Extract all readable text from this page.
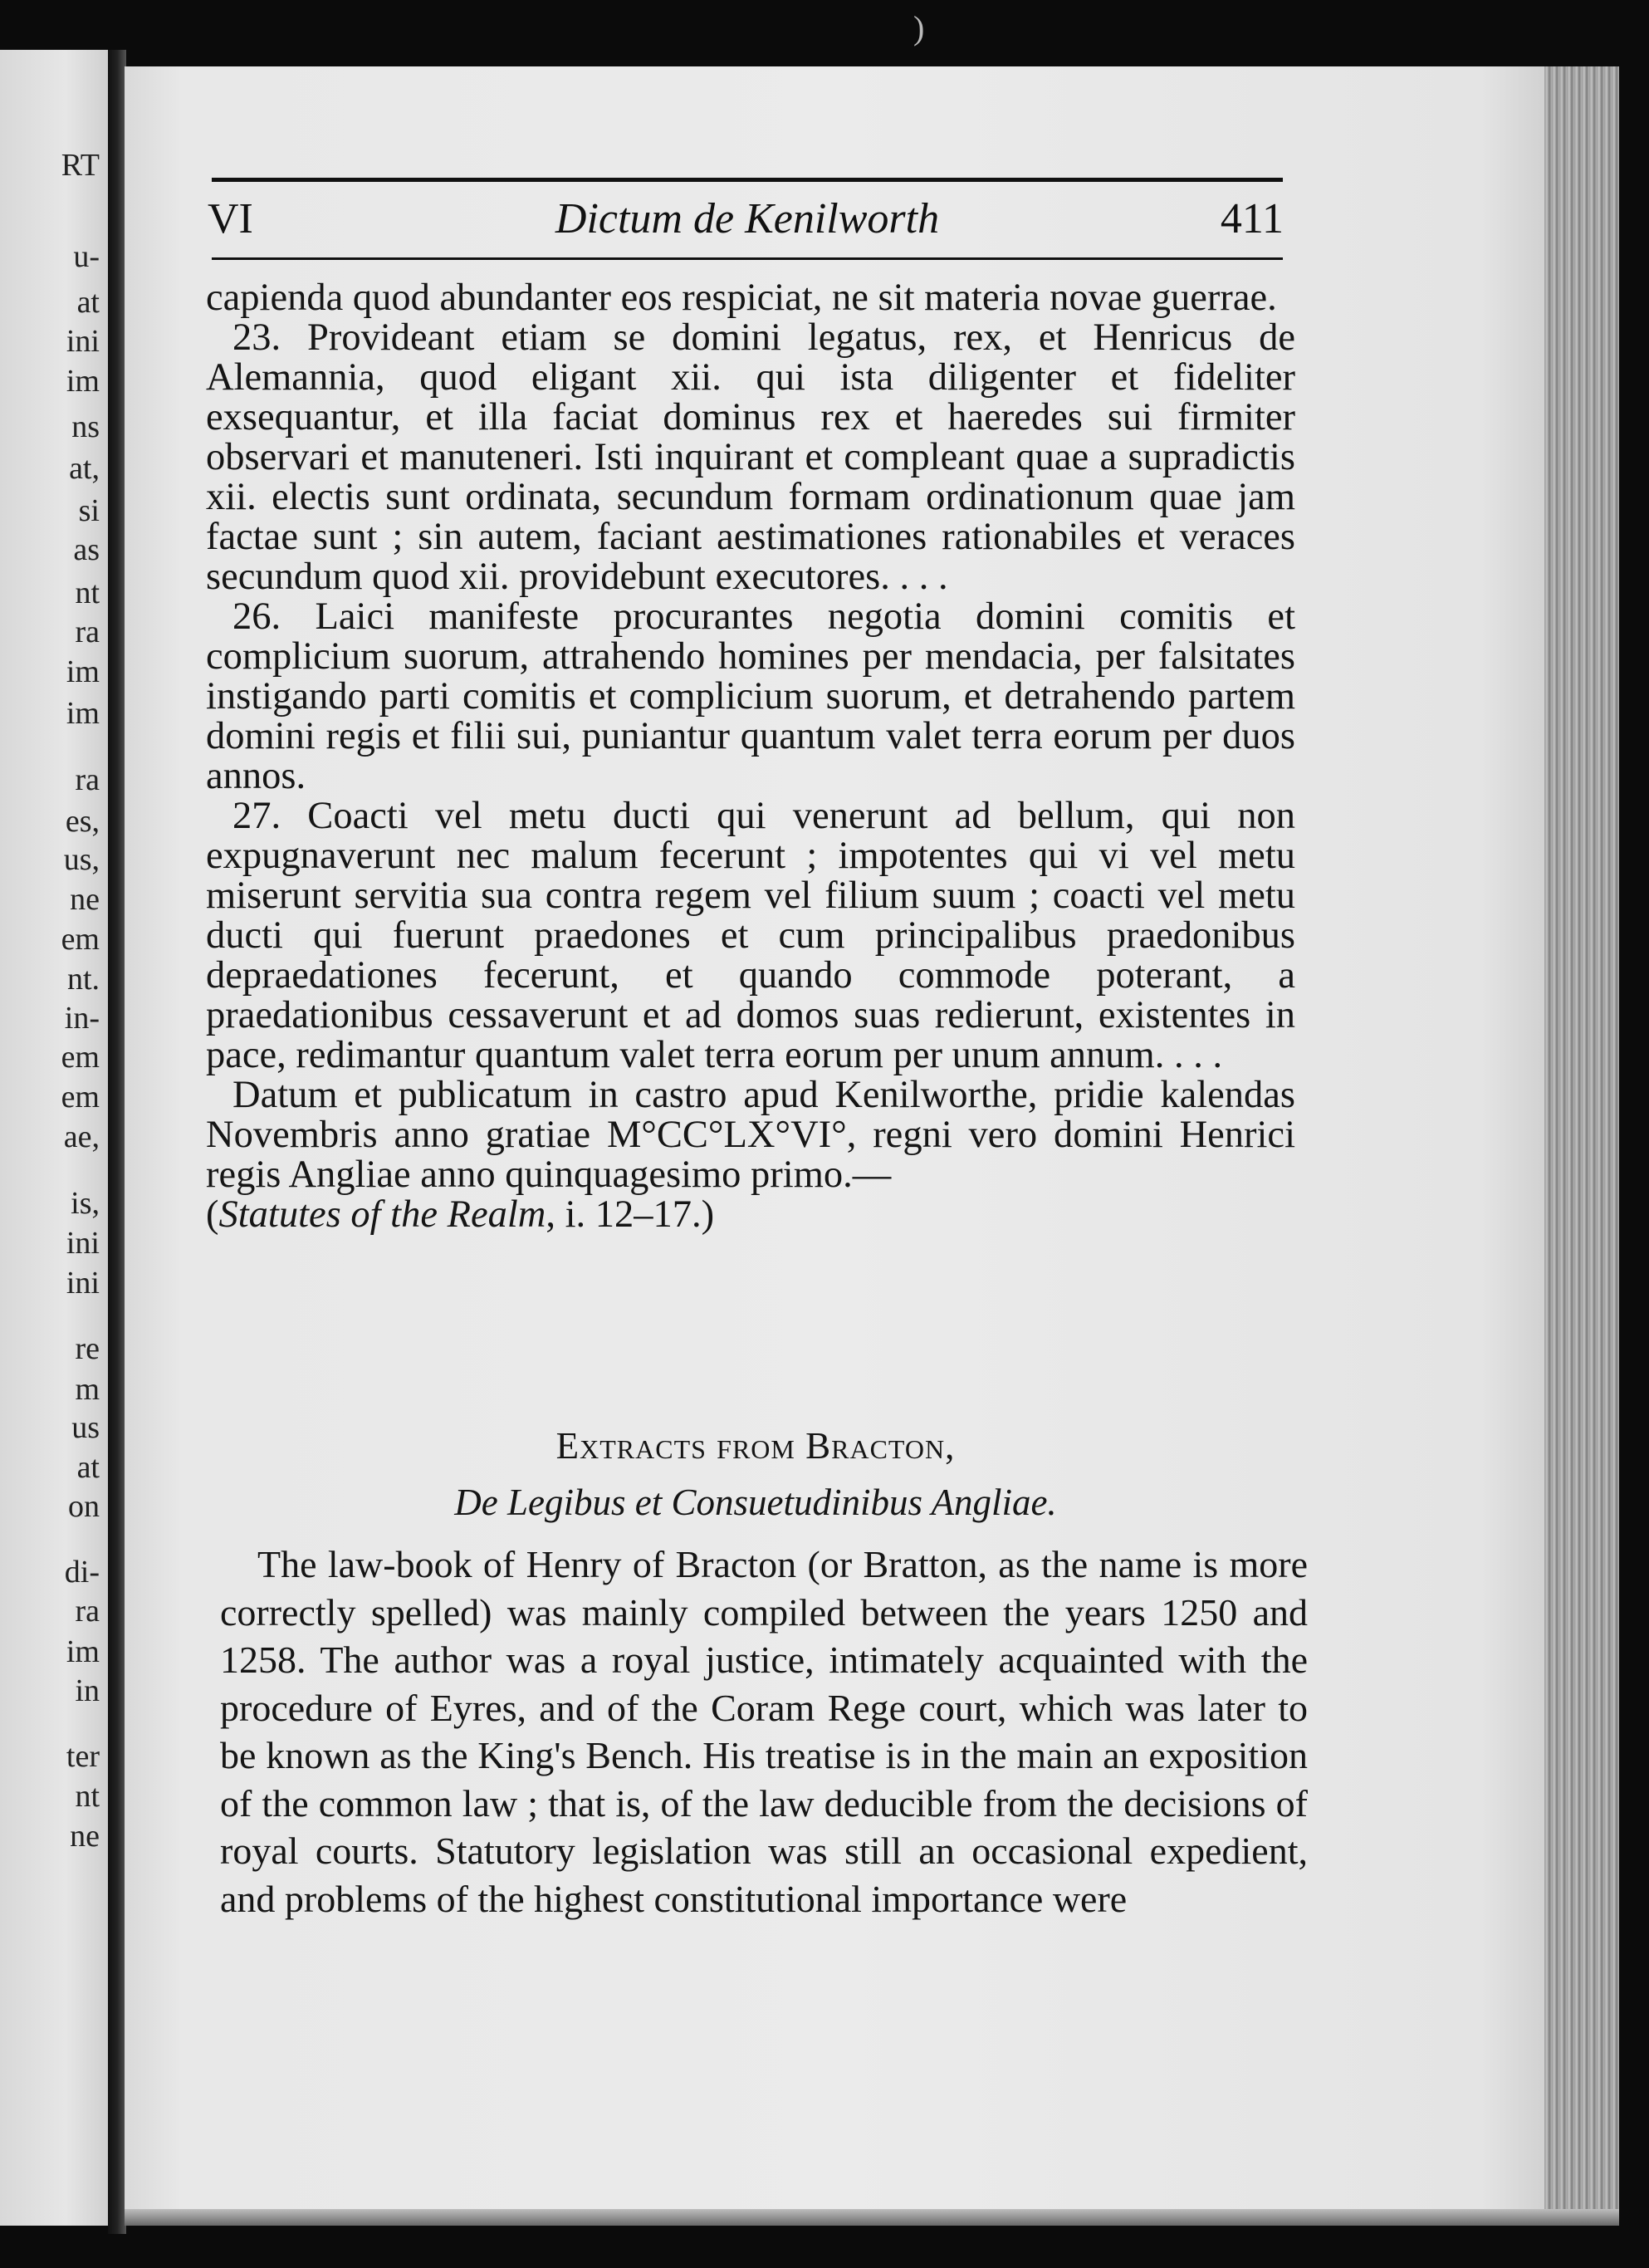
)
RT
u-
at
ini
im
ns
at,
si
as
nt
ra
im
im
ra
es,
us,
ne
em
nt.
in-
em
em
ae,
is,
ini
ini
re
m
us
at
on
di-
ra
im
in
ter
nt
ne
VI	Dictum de Kenilworth	411

capienda quod abundanter eos respiciat, ne sit materia novae guerrae.

23. Provideant etiam se domini legatus, rex, et Henricus de Alemannia, quod eligant xii. qui ista diligenter et fideliter exsequantur, et illa faciat dominus rex et haeredes sui firmiter observari et manuteneri. Isti inquirant et compleant quae a supradictis xii. electis sunt ordinata, secundum formam ordinationum quae jam factae sunt ; sin autem, faciant aestimationes rationabiles et veraces secundum quod xii. providebunt executores. . . .

26. Laici manifeste procurantes negotia domini comitis et complicium suorum, attrahendo homines per mendacia, per falsitates instigando parti comitis et complicium suorum, et detrahendo partem domini regis et filii sui, puniantur quantum valet terra eorum per duos annos.

27. Coacti vel metu ducti qui venerunt ad bellum, qui non expugnaverunt nec malum fecerunt ; impotentes qui vi vel metu miserunt servitia sua contra regem vel filium suum ; coacti vel metu ducti qui fuerunt praedones et cum principalibus praedonibus depraedationes fecerunt, et quando commode poterant, a praedationibus cessaverunt et ad domos suas redierunt, existentes in pace, redimantur quantum valet terra eorum per unum annum. . . .

Datum et publicatum in castro apud Kenilworthe, pridie kalendas Novembris anno gratiae M°CC°LX°VI°, regni vero domini Henrici regis Angliae anno quinquagesimo primo.—
(Statutes of the Realm, i. 12–17.)

Extracts from Bracton,
De Legibus et Consuetudinibus Angliae.

The law-book of Henry of Bracton (or Bratton, as the name is more correctly spelled) was mainly compiled between the years 1250 and 1258. The author was a royal justice, intimately acquainted with the procedure of Eyres, and of the Coram Rege court, which was later to be known as the King's Bench. His treatise is in the main an exposition of the common law ; that is, of the law deducible from the decisions of royal courts. Statutory legislation was still an occasional expedient, and problems of the highest constitutional importance were
